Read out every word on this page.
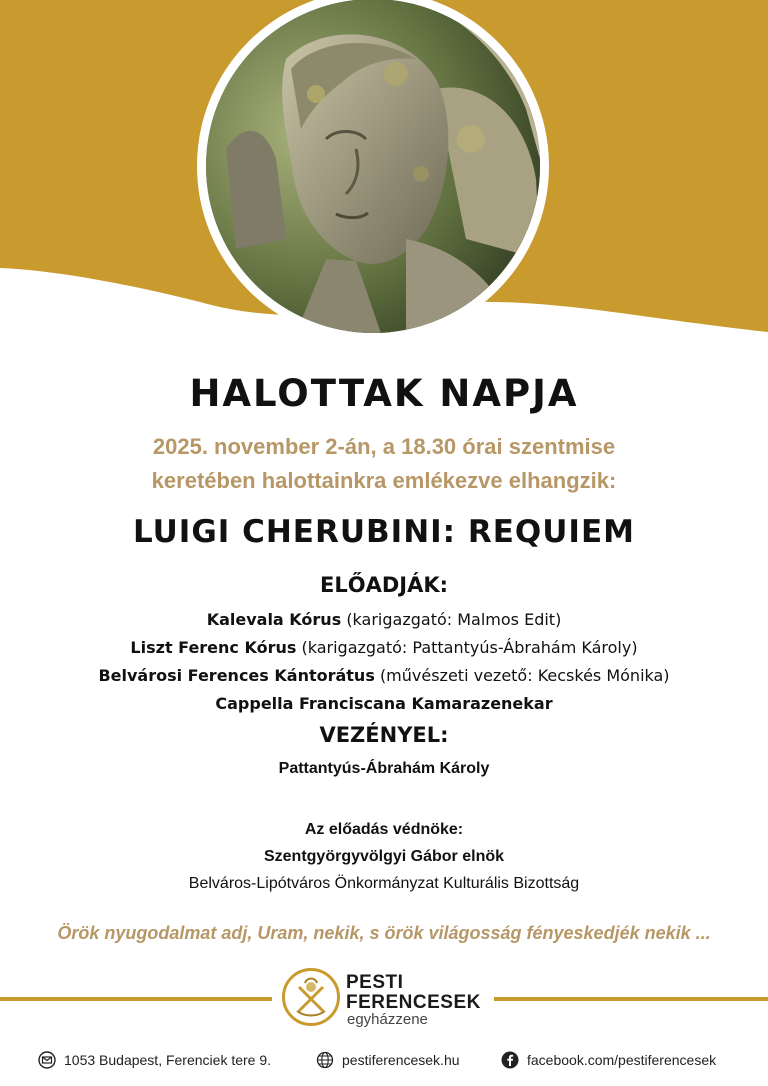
HALOTTAK NAPJA
2025. november 2-án, a 18.30 órai szentmise
keretében halottainkra emlékezve elhangzik:
LUIGI CHERUBINI: REQUIEM
ELŐADJÁK:
Kalevala Kórus (karigazgató: Malmos Edit)
Liszt Ferenc Kórus (karigazgató: Pattantyús-Ábrahám Károly)
Belvárosi Ferences Kántorátus (művészeti vezető: Kecskés Mónika)
Cappella Franciscana Kamarazenekar
VEZÉNYEL:
Pattantyús-Ábrahám Károly
Az előadás védnöke:
Szentgyörgyvölgyi Gábor elnök
Belváros-Lipótváros Önkormányzat Kulturális Bizottság
Örök nyugodalmat adj, Uram, nekik, s örök világosság fényeskedjék nekik ...
PESTI
FERENCESEK
egyházzene
1053 Budapest, Ferenciek tere 9.	pestiferencesek.hu	facebook.com/pestiferencesek
